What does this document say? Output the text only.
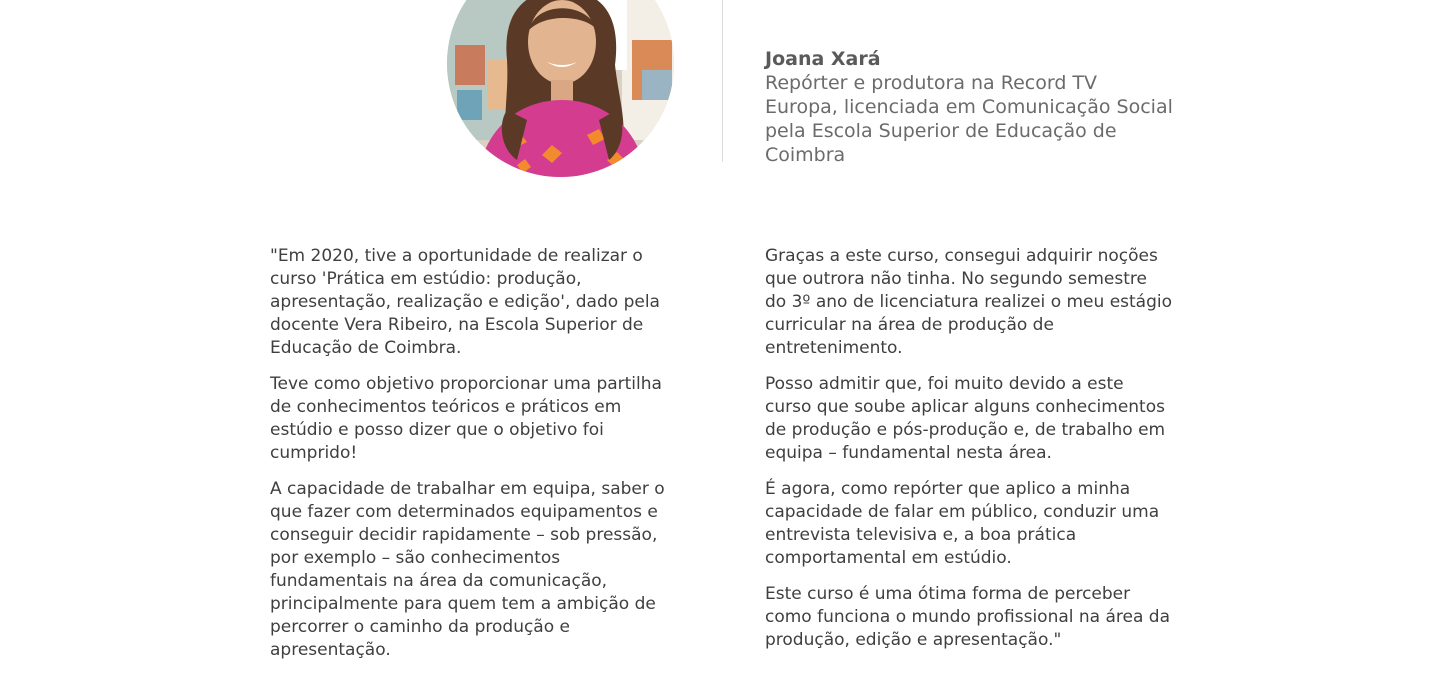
Joana Xará
Repórter e produtora na Record TV Europa, licenciada em Comunicação Social pela Escola Superior de Educação de Coimbra

"Em 2020, tive a oportunidade de realizar o curso 'Prática em estúdio: produção, apresentação, realização e edição', dado pela docente Vera Ribeiro, na Escola Superior de Educação de Coimbra.

Teve como objetivo proporcionar uma partilha de conhecimentos teóricos e práticos em estúdio e posso dizer que o objetivo foi cumprido!

A capacidade de trabalhar em equipa, saber o que fazer com determinados equipamentos e conseguir decidir rapidamente – sob pressão, por exemplo – são conhecimentos fundamentais na área da comunicação, principalmente para quem tem a ambição de percorrer o caminho da produção e apresentação.

Graças a este curso, consegui adquirir noções que outrora não tinha. No segundo semestre do 3º ano de licenciatura realizei o meu estágio curricular na área de produção de entretenimento.

Posso admitir que, foi muito devido a este curso que soube aplicar alguns conhecimentos de produção e pós-produção e, de trabalho em equipa – fundamental nesta área.

É agora, como repórter que aplico a minha capacidade de falar em público, conduzir uma entrevista televisiva e, a boa prática comportamental em estúdio.

Este curso é uma ótima forma de perceber como funciona o mundo profissional na área da produção, edição e apresentação."
